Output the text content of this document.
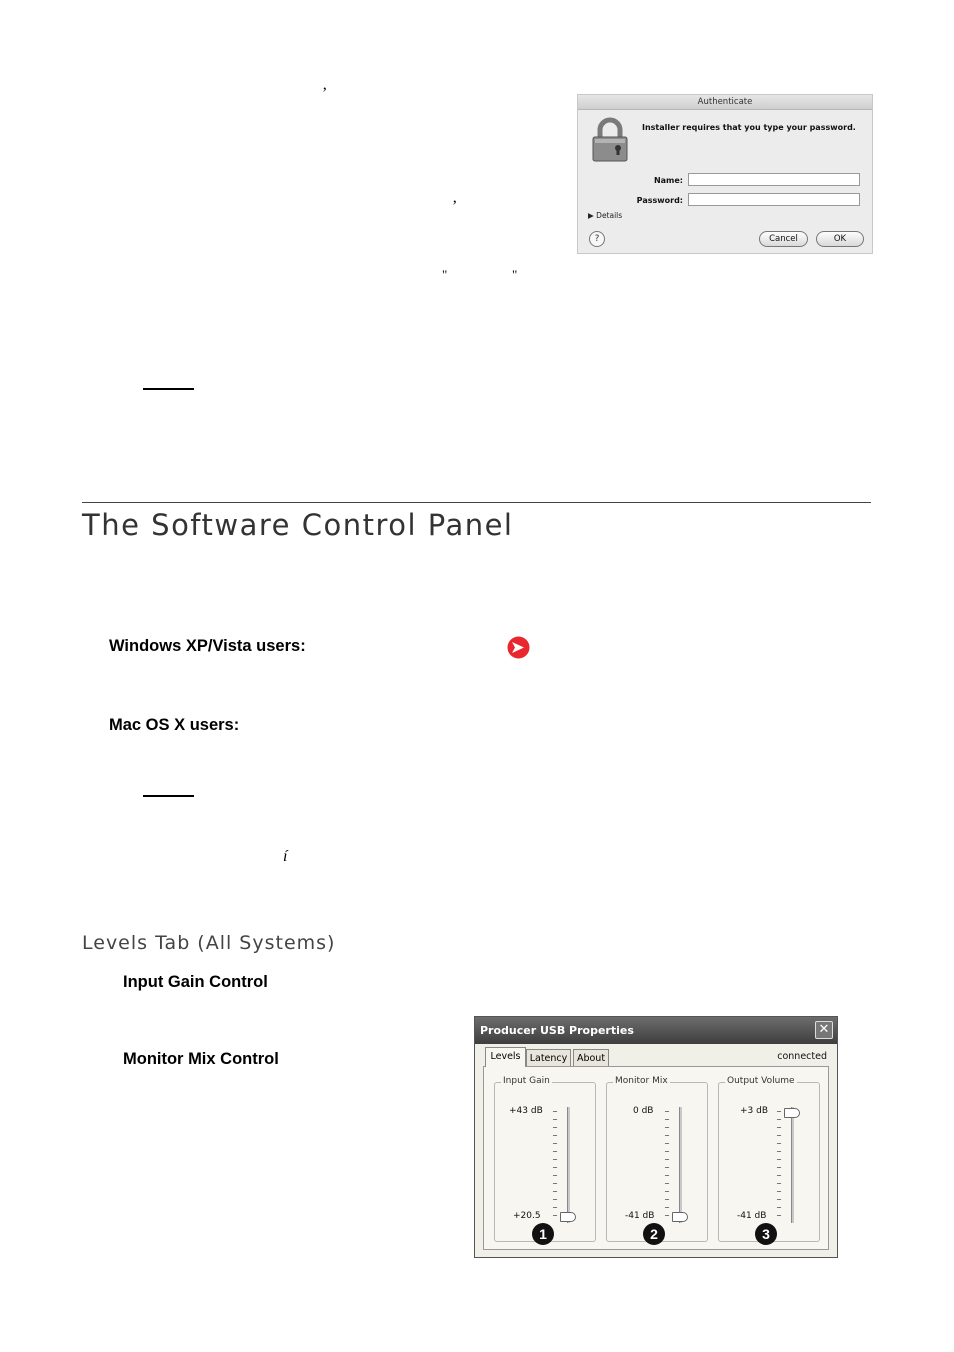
’
’
"	"
Authenticate
Installer requires that you type your password.
Name:
Password:
▶ Details
?	Cancel	OK
The Software Control Panel
Windows XP/Vista users:
Mac OS X users:
í
Levels Tab (All Systems)
Input Gain Control
Monitor Mix Control
Producer USB Properties	✕
Levels Latency	About	connected
Input Gain
+43 dB
+20.5
1
Monitor Mix
0 dB
-41 dB
2
Output Volume
+3 dB
-41 dB
3
